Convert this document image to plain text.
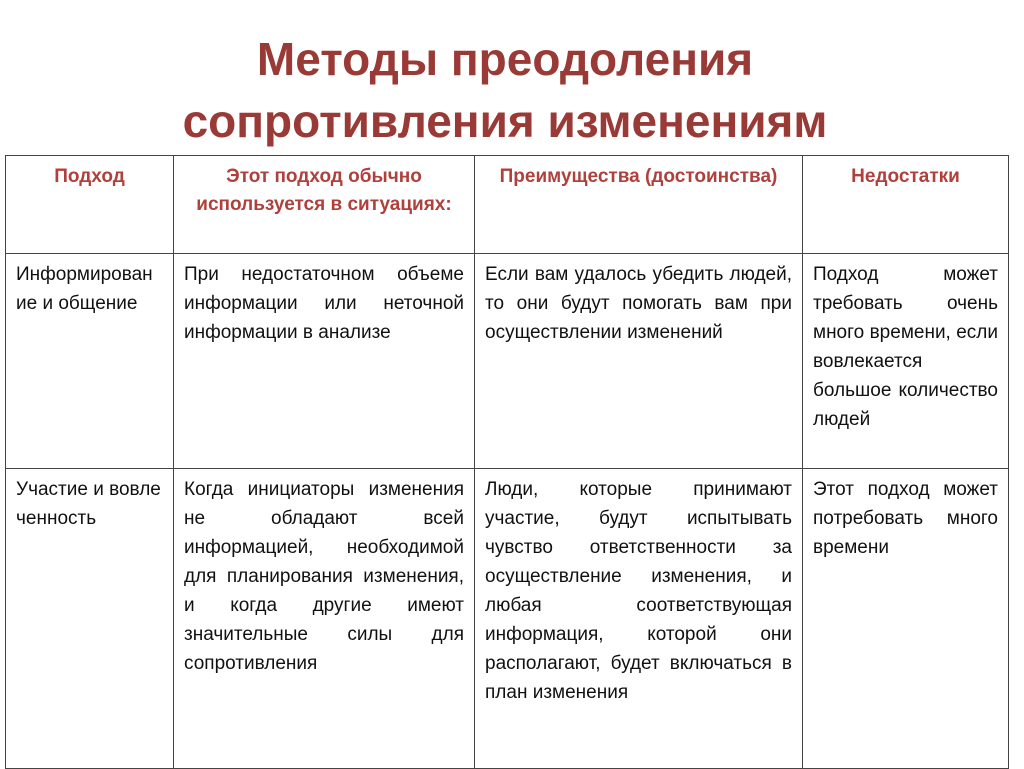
Методы преодоления
сопротивления изменениям
Подход	Этот подход обычно используется в ситуациях:	Преимущества (достоинства)	Недостатки
Информирование и общение	При недостаточном объеме информации или неточной информации в анализе	Если вам удалось убедить людей, то они будут помогать вам при осуществлении изменений	Подход может требовать очень много времени, если вовлекается большое количество людей
Участие и вовлеченность	Когда инициаторы изменения не обладают всей информацией, необходимой для планирования изменения, и когда другие имеют значительные силы для сопротивления	Люди, которые принимают участие, будут испытывать чувство ответственности за осуществление изменения, и любая соответствующая информация, которой они располагают, будет включаться в план изменения	Этот подход может потребовать много времени
